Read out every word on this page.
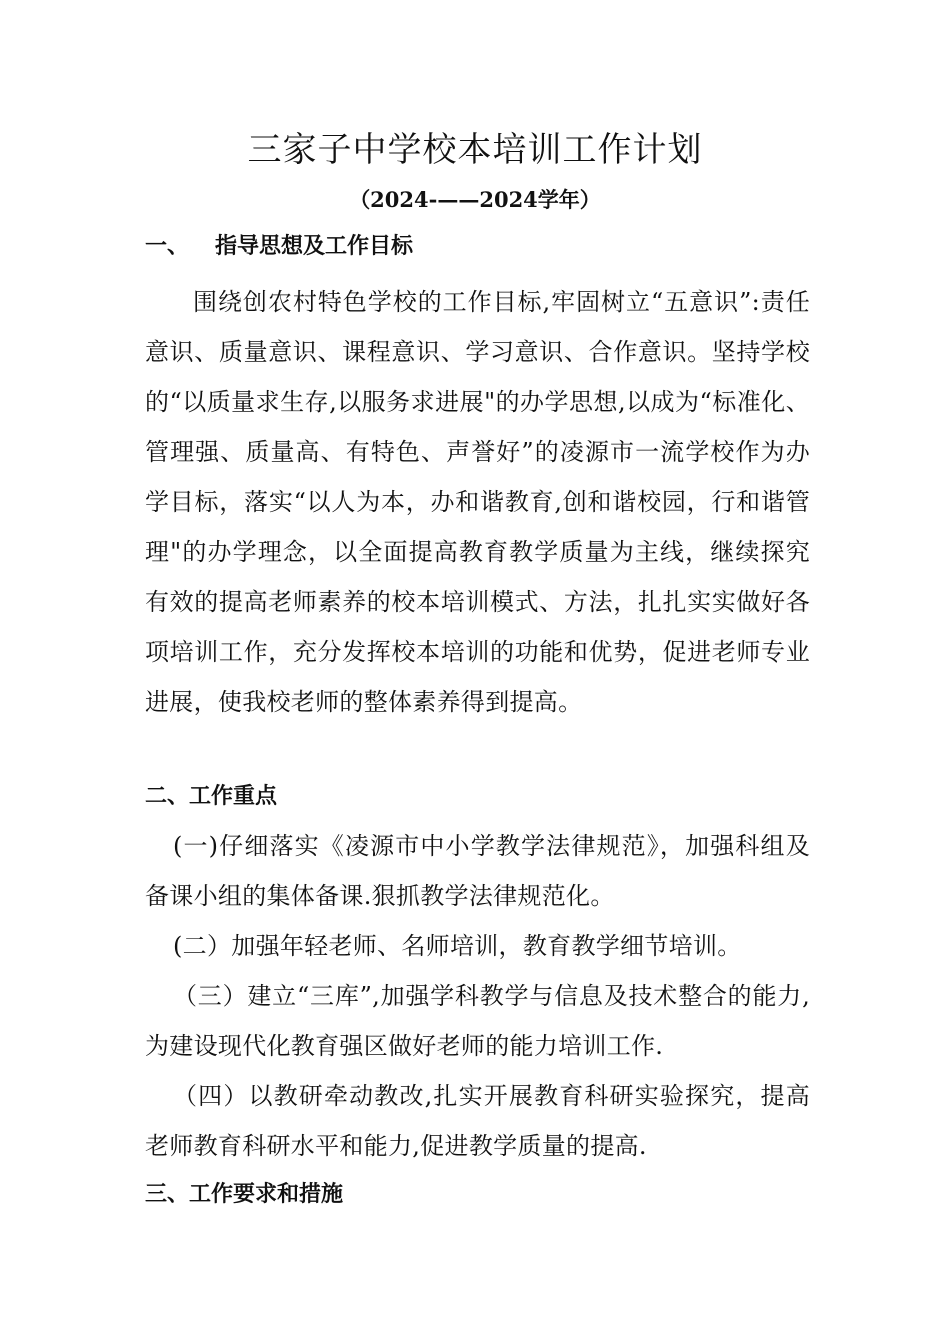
三家子中学校本培训工作计划
（2024-——2024学年）
一、 指导思想及工作目标

围绕创农村特色学校的工作目标,牢固树立“五意识”:责任意识、质量意识、课程意识、学习意识、合作意识。坚持学校的“以质量求生存,以服务求进展"的办学思想,以成为“标准化、管理强、质量高、有特色、声誉好”的凌源市一流学校作为办学目标，落实“以人为本，办和谐教育,创和谐校园，行和谐管理"的办学理念，以全面提高教育教学质量为主线，继续探究有效的提高老师素养的校本培训模式、方法，扎扎实实做好各项培训工作，充分发挥校本培训的功能和优势，促进老师专业进展，使我校老师的整体素养得到提高。

二、工作重点

(一)仔细落实《凌源市中小学教学法律规范》，加强科组及备课小组的集体备课.狠抓教学法律规范化。

(二）加强年轻老师、名师培训，教育教学细节培训。

（三）建立“三库”,加强学科教学与信息及技术整合的能力,为建设现代化教育强区做好老师的能力培训工作.

（四）以教研牵动教改,扎实开展教育科研实验探究，提高老师教育科研水平和能力,促进教学质量的提高.

三、工作要求和措施
